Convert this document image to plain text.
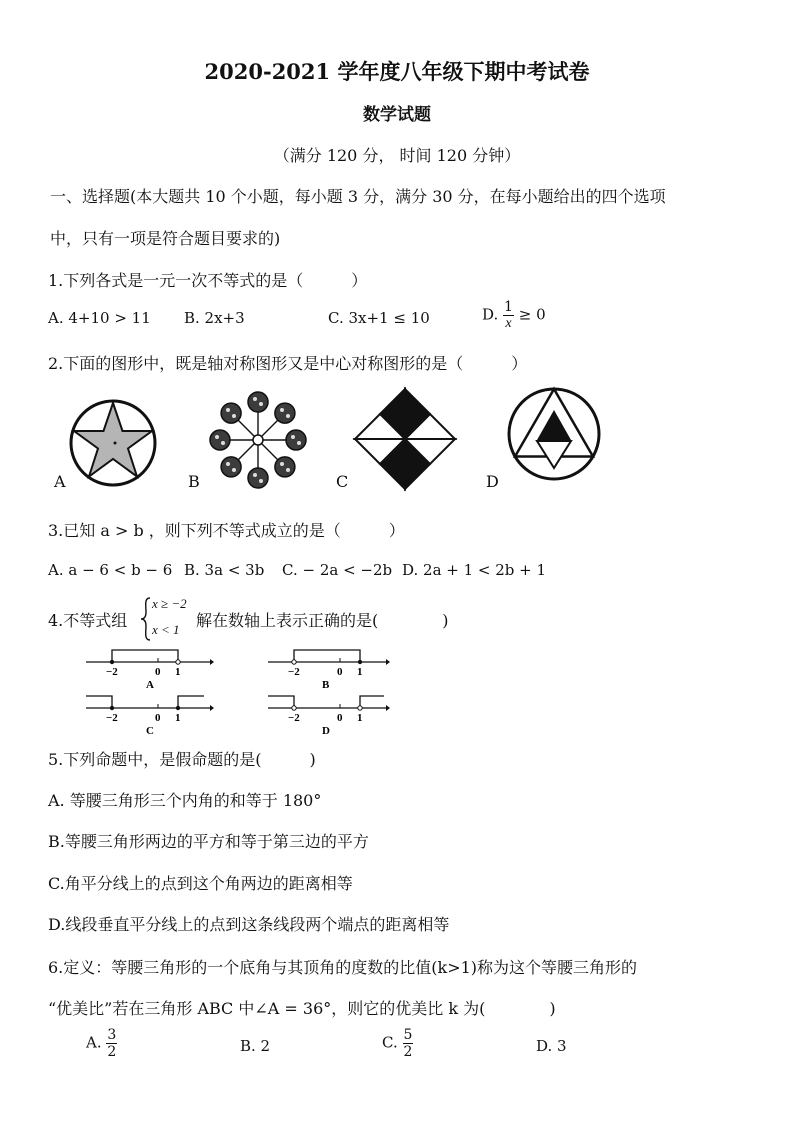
2020-2021 学年度八年级下期中考试卷
数学试题
（满分 120 分， 时间 120 分钟）
一、选择题(本大题共 10 个小题，每小题 3 分，满分 30 分，在每小题给出的四个选项
中，只有一项是符合题目要求的)
1.下列各式是一元一次不等式的是（　　　）
A. 4+10 > 11 B. 2x+3	C. 3x+1 ≤ 10	D. $\frac{1}{x} \ge 0$
2.下面的图形中，既是轴对称图形又是中心对称图形的是（　　　）
A	B	C	D
3.已知 a > b ，则下列不等式成立的是（　　　）
A. a − 6 < b − 6 B. 3a < 3b C. − 2a < −2b D. 2a + 1 < 2b + 1
4.不等式组
x ≥ −2
x < 1 解在数轴上表示正确的是(　　　　)
−2	0 1
A
−2	0 1
B
−2	0 1
C
−2	0 1
D
5.下列命题中，是假命题的是(　　　)
A. 等腰三角形三个内角的和等于 180°
B.等腰三角形两边的平方和等于第三边的平方
C.角平分线上的点到这个角两边的距离相等
D.线段垂直平分线上的点到这条线段两个端点的距离相等
6.定义：等腰三角形的一个底角与其顶角的度数的比值(k>1)称为这个等腰三角形的
“优美比”若在三角形 ABC 中∠A = 36°，则它的优美比 k 为(　　　　)
A. $\frac{3}{2}$	B. 2	C. $\frac{5}{2}$	D. 3
